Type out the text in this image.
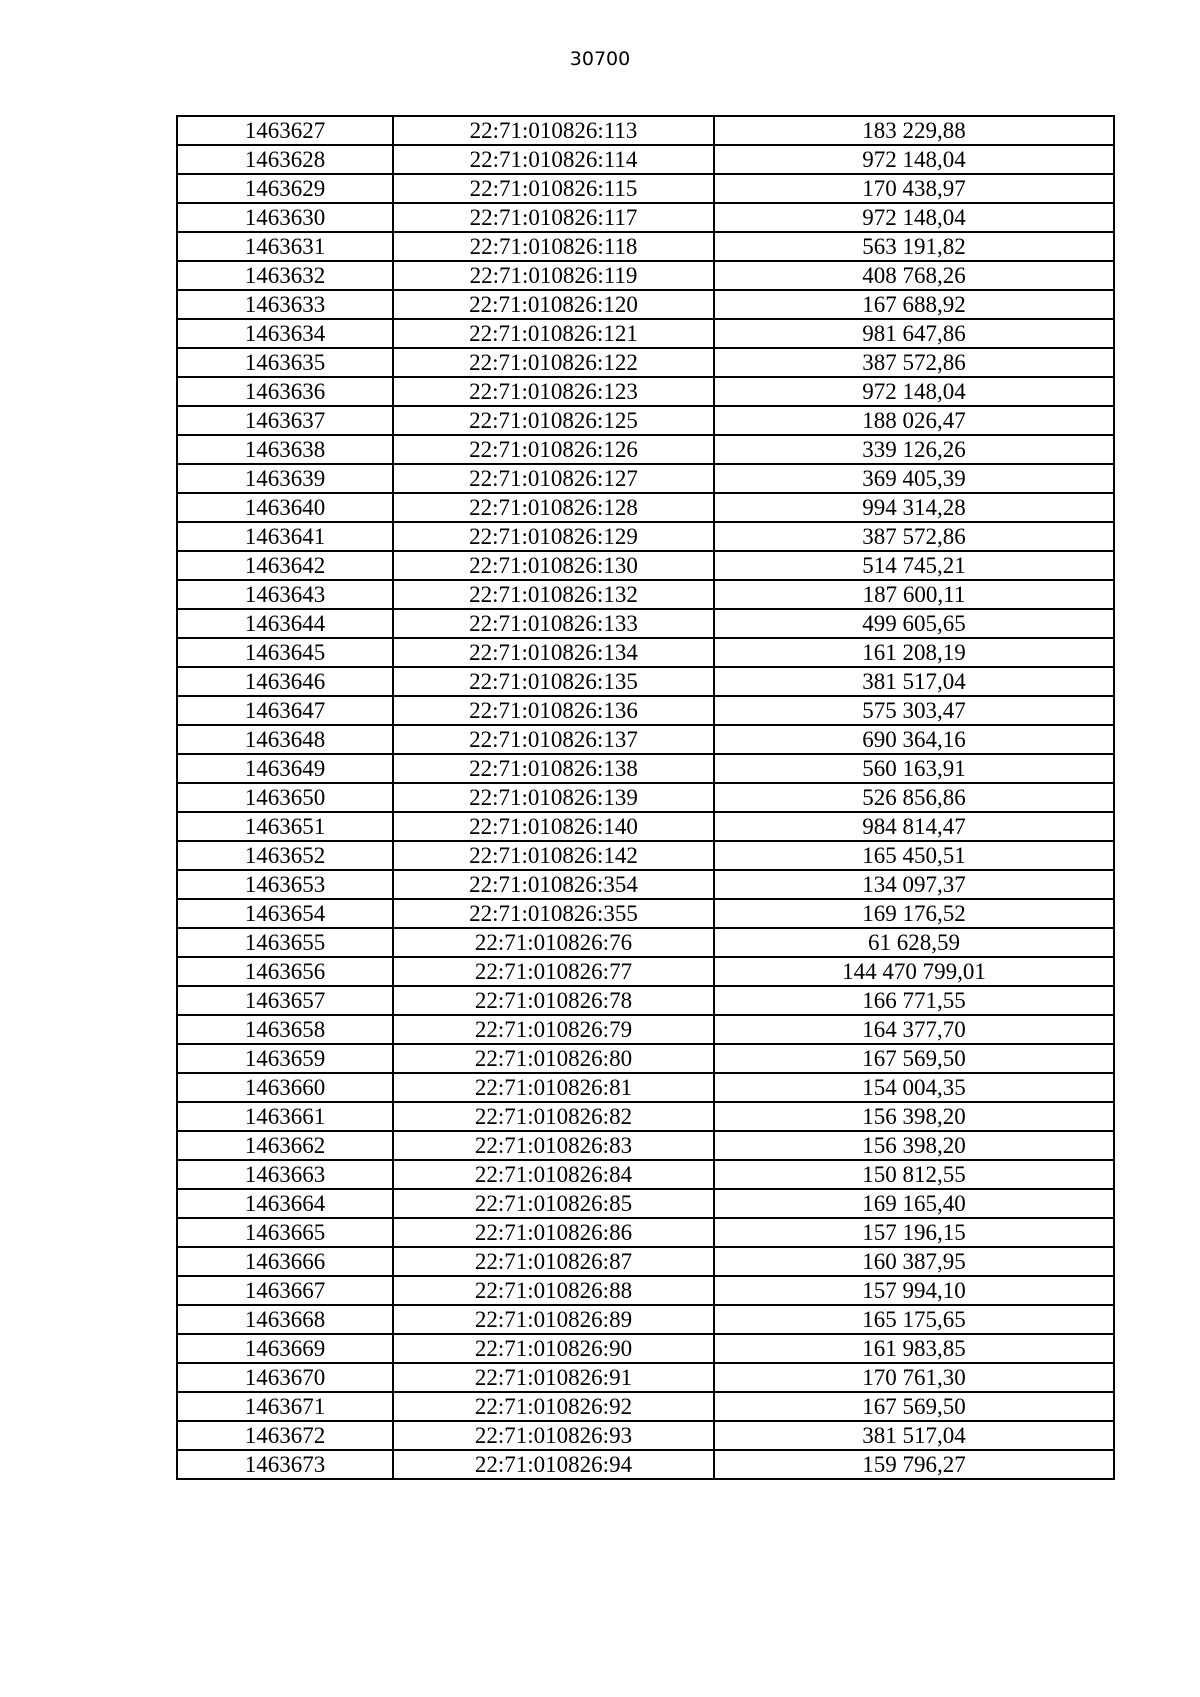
30700
1463627	22:71:010826:113	183 229,88
1463628	22:71:010826:114	972 148,04
1463629	22:71:010826:115	170 438,97
1463630	22:71:010826:117	972 148,04
1463631	22:71:010826:118	563 191,82
1463632	22:71:010826:119	408 768,26
1463633	22:71:010826:120	167 688,92
1463634	22:71:010826:121	981 647,86
1463635	22:71:010826:122	387 572,86
1463636	22:71:010826:123	972 148,04
1463637	22:71:010826:125	188 026,47
1463638	22:71:010826:126	339 126,26
1463639	22:71:010826:127	369 405,39
1463640	22:71:010826:128	994 314,28
1463641	22:71:010826:129	387 572,86
1463642	22:71:010826:130	514 745,21
1463643	22:71:010826:132	187 600,11
1463644	22:71:010826:133	499 605,65
1463645	22:71:010826:134	161 208,19
1463646	22:71:010826:135	381 517,04
1463647	22:71:010826:136	575 303,47
1463648	22:71:010826:137	690 364,16
1463649	22:71:010826:138	560 163,91
1463650	22:71:010826:139	526 856,86
1463651	22:71:010826:140	984 814,47
1463652	22:71:010826:142	165 450,51
1463653	22:71:010826:354	134 097,37
1463654	22:71:010826:355	169 176,52
1463655	22:71:010826:76	61 628,59
1463656	22:71:010826:77	144 470 799,01
1463657	22:71:010826:78	166 771,55
1463658	22:71:010826:79	164 377,70
1463659	22:71:010826:80	167 569,50
1463660	22:71:010826:81	154 004,35
1463661	22:71:010826:82	156 398,20
1463662	22:71:010826:83	156 398,20
1463663	22:71:010826:84	150 812,55
1463664	22:71:010826:85	169 165,40
1463665	22:71:010826:86	157 196,15
1463666	22:71:010826:87	160 387,95
1463667	22:71:010826:88	157 994,10
1463668	22:71:010826:89	165 175,65
1463669	22:71:010826:90	161 983,85
1463670	22:71:010826:91	170 761,30
1463671	22:71:010826:92	167 569,50
1463672	22:71:010826:93	381 517,04
1463673	22:71:010826:94	159 796,27
